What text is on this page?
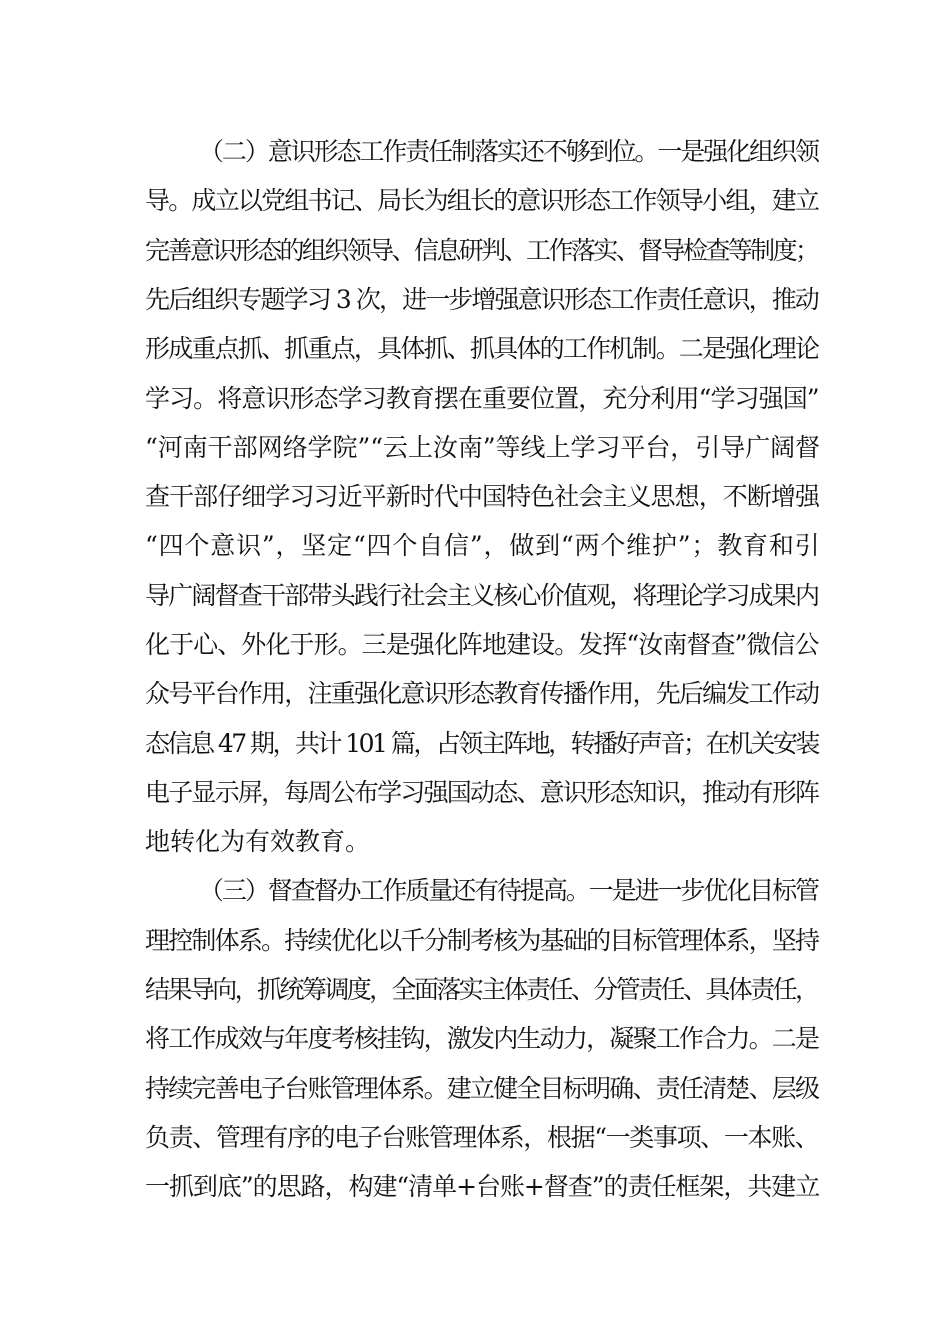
（二）意识形态工作责任制落实还不够到位。一是强化组织领
导。成立以党组书记、局长为组长的意识形态工作领导小组，建立
完善意识形态的组织领导、信息研判、工作落实、督导检查等制度；
先后组织专题学习 3 次，进一步增强意识形态工作责任意识，推动
形成重点抓、抓重点，具体抓、抓具体的工作机制。二是强化理论
学习。将意识形态学习教育摆在重要位置，充分利用“学习强国”
“河南干部网络学院”“云上汝南”等线上学习平台，引导广阔督
查干部仔细学习习近平新时代中国特色社会主义思想，不断增强
“四个意识”，坚定“四个自信”，做到“两个维护”；教育和引
导广阔督查干部带头践行社会主义核心价值观，将理论学习成果内
化于心、外化于形。三是强化阵地建设。发挥“汝南督查”微信公
众号平台作用，注重强化意识形态教育传播作用，先后编发工作动
态信息 47 期，共计 101 篇，占领主阵地，转播好声音；在机关安装
电子显示屏，每周公布学习强国动态、意识形态知识，推动有形阵
地转化为有效教育。
（三）督查督办工作质量还有待提高。一是进一步优化目标管
理控制体系。持续优化以千分制考核为基础的目标管理体系，坚持
结果导向，抓统筹调度，全面落实主体责任、分管责任、具体责任，
将工作成效与年度考核挂钩，激发内生动力，凝聚工作合力。二是
持续完善电子台账管理体系。建立健全目标明确、责任清楚、层级
负责、管理有序的电子台账管理体系，根据“一类事项、一本账、
一抓到底”的思路，构建“清单+台账+督查”的责任框架，共建立
